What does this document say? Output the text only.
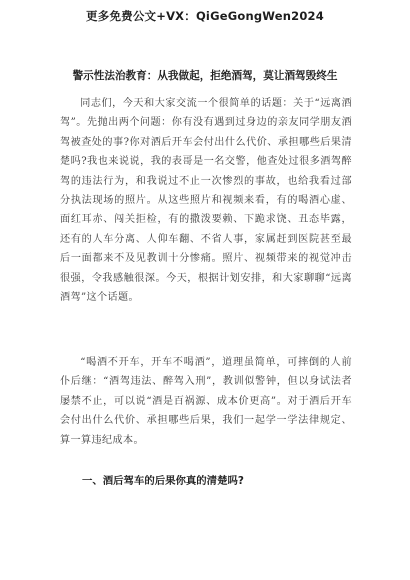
更多免费公文+VX：QiGeGongWen2024
警示性法治教育：从我做起，拒绝酒驾，莫让酒驾毁终生

同志们，今天和大家交流一个很简单的话题：关于“远离酒驾”。先抛出两个问题：你有没有遇到过身边的亲友同学朋友酒驾被查处的事?你对酒后开车会付出什么代价、承担哪些后果清楚吗?我也来说说，我的表哥是一名交警，他查处过很多酒驾醉驾的违法行为，和我说过不止一次惨烈的事故，也给我看过部分执法现场的照片。从这些照片和视频来看，有的喝酒心虚、面红耳赤、闯关拒检，有的撒泼要赖、下跪求饶、丑态毕露，还有的人车分离、人仰车翻、不省人事，家属赶到医院甚至最后一面都来不及见教训十分惨痛。照片、视频带来的视觉冲击很强，令我感触很深。今天，根据计划安排，和大家聊聊“远离酒驾”这个话题。

“喝酒不开车，开车不喝酒”，道理虽简单，可摔倒的人前仆后继：“酒驾违法、醉驾入刑”，教训似警钟，但以身试法者屡禁不止，可以说“酒是百祸源、成本价更高”。对于酒后开车会付出什么代价、承担哪些后果，我们一起学一学法律规定、算一算违纪成本。

一、酒后驾车的后果你真的清楚吗?
